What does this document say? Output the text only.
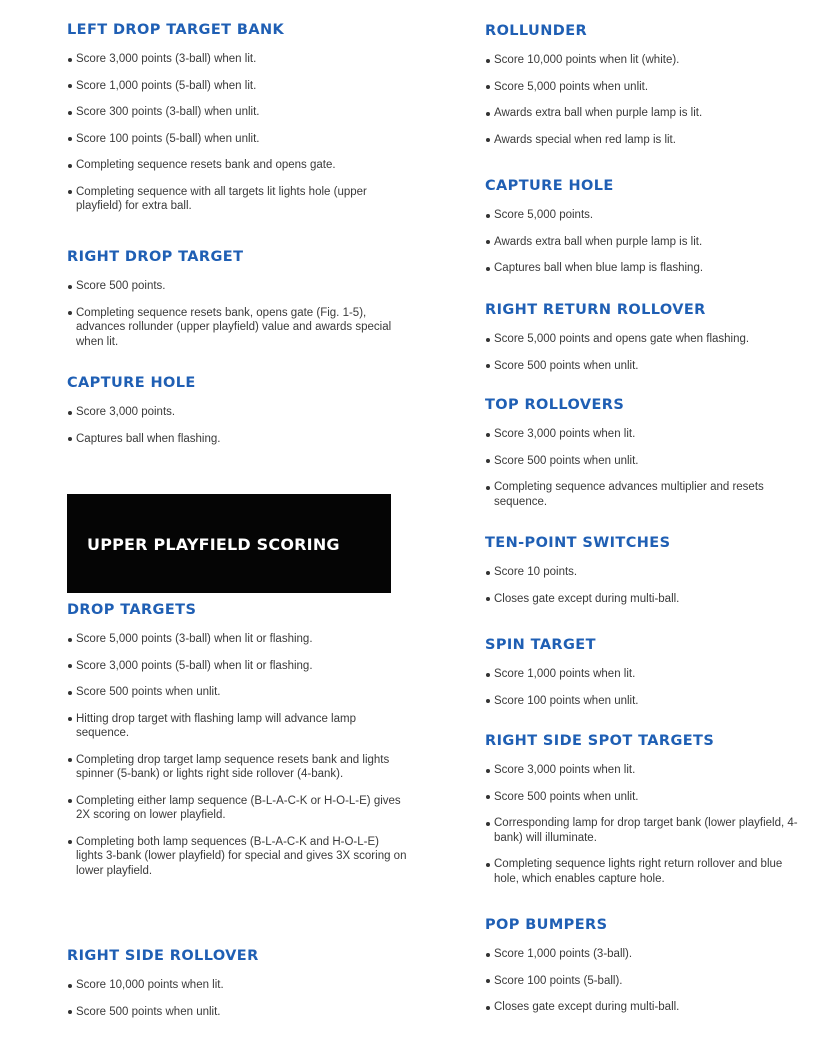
LEFT DROP TARGET BANK
Score 3,000 points (3-ball) when lit.
Score 1,000 points (5-ball) when lit.
Score 300 points (3-ball) when unlit.
Score 100 points (5-ball) when unlit.
Completing sequence resets bank and opens gate.
Completing sequence with all targets lit lights hole (upper playfield) for extra ball.
RIGHT DROP TARGET
Score 500 points.
Completing sequence resets bank, opens gate (Fig. 1-5), advances rollunder (upper playfield) value and awards special when lit.
CAPTURE HOLE
Score 3,000 points.
Captures ball when flashing.
UPPER PLAYFIELD SCORING
DROP TARGETS
Score 5,000 points (3-ball) when lit or flashing.
Score 3,000 points (5-ball) when lit or flashing.
Score 500 points when unlit.
Hitting drop target with flashing lamp will advance lamp sequence.
Completing drop target lamp sequence resets bank and lights spinner (5-bank) or lights right side rollover (4-bank).
Completing either lamp sequence (B-L-A-C-K or H-O-L-E) gives 2X scoring on lower playfield.
Completing both lamp sequences (B-L-A-C-K and H-O-L-E) lights 3-bank (lower playfield) for special and gives 3X scoring on lower playfield.
RIGHT SIDE ROLLOVER
Score 10,000 points when lit.
Score 500 points when unlit.
ROLLUNDER
Score 10,000 points when lit (white).
Score 5,000 points when unlit.
Awards extra ball when purple lamp is lit.
Awards special when red lamp is lit.
CAPTURE HOLE
Score 5,000 points.
Awards extra ball when purple lamp is lit.
Captures ball when blue lamp is flashing.
RIGHT RETURN ROLLOVER
Score 5,000 points and opens gate when flashing.
Score 500 points when unlit.
TOP ROLLOVERS
Score 3,000 points when lit.
Score 500 points when unlit.
Completing sequence advances multiplier and resets sequence.
TEN-POINT SWITCHES
Score 10 points.
Closes gate except during multi-ball.
SPIN TARGET
Score 1,000 points when lit.
Score 100 points when unlit.
RIGHT SIDE SPOT TARGETS
Score 3,000 points when lit.
Score 500 points when unlit.
Corresponding lamp for drop target bank (lower playfield, 4-bank) will illuminate.
Completing sequence lights right return rollover and blue hole, which enables capture hole.
POP BUMPERS
Score 1,000 points (3-ball).
Score 100 points (5-ball).
Closes gate except during multi-ball.
